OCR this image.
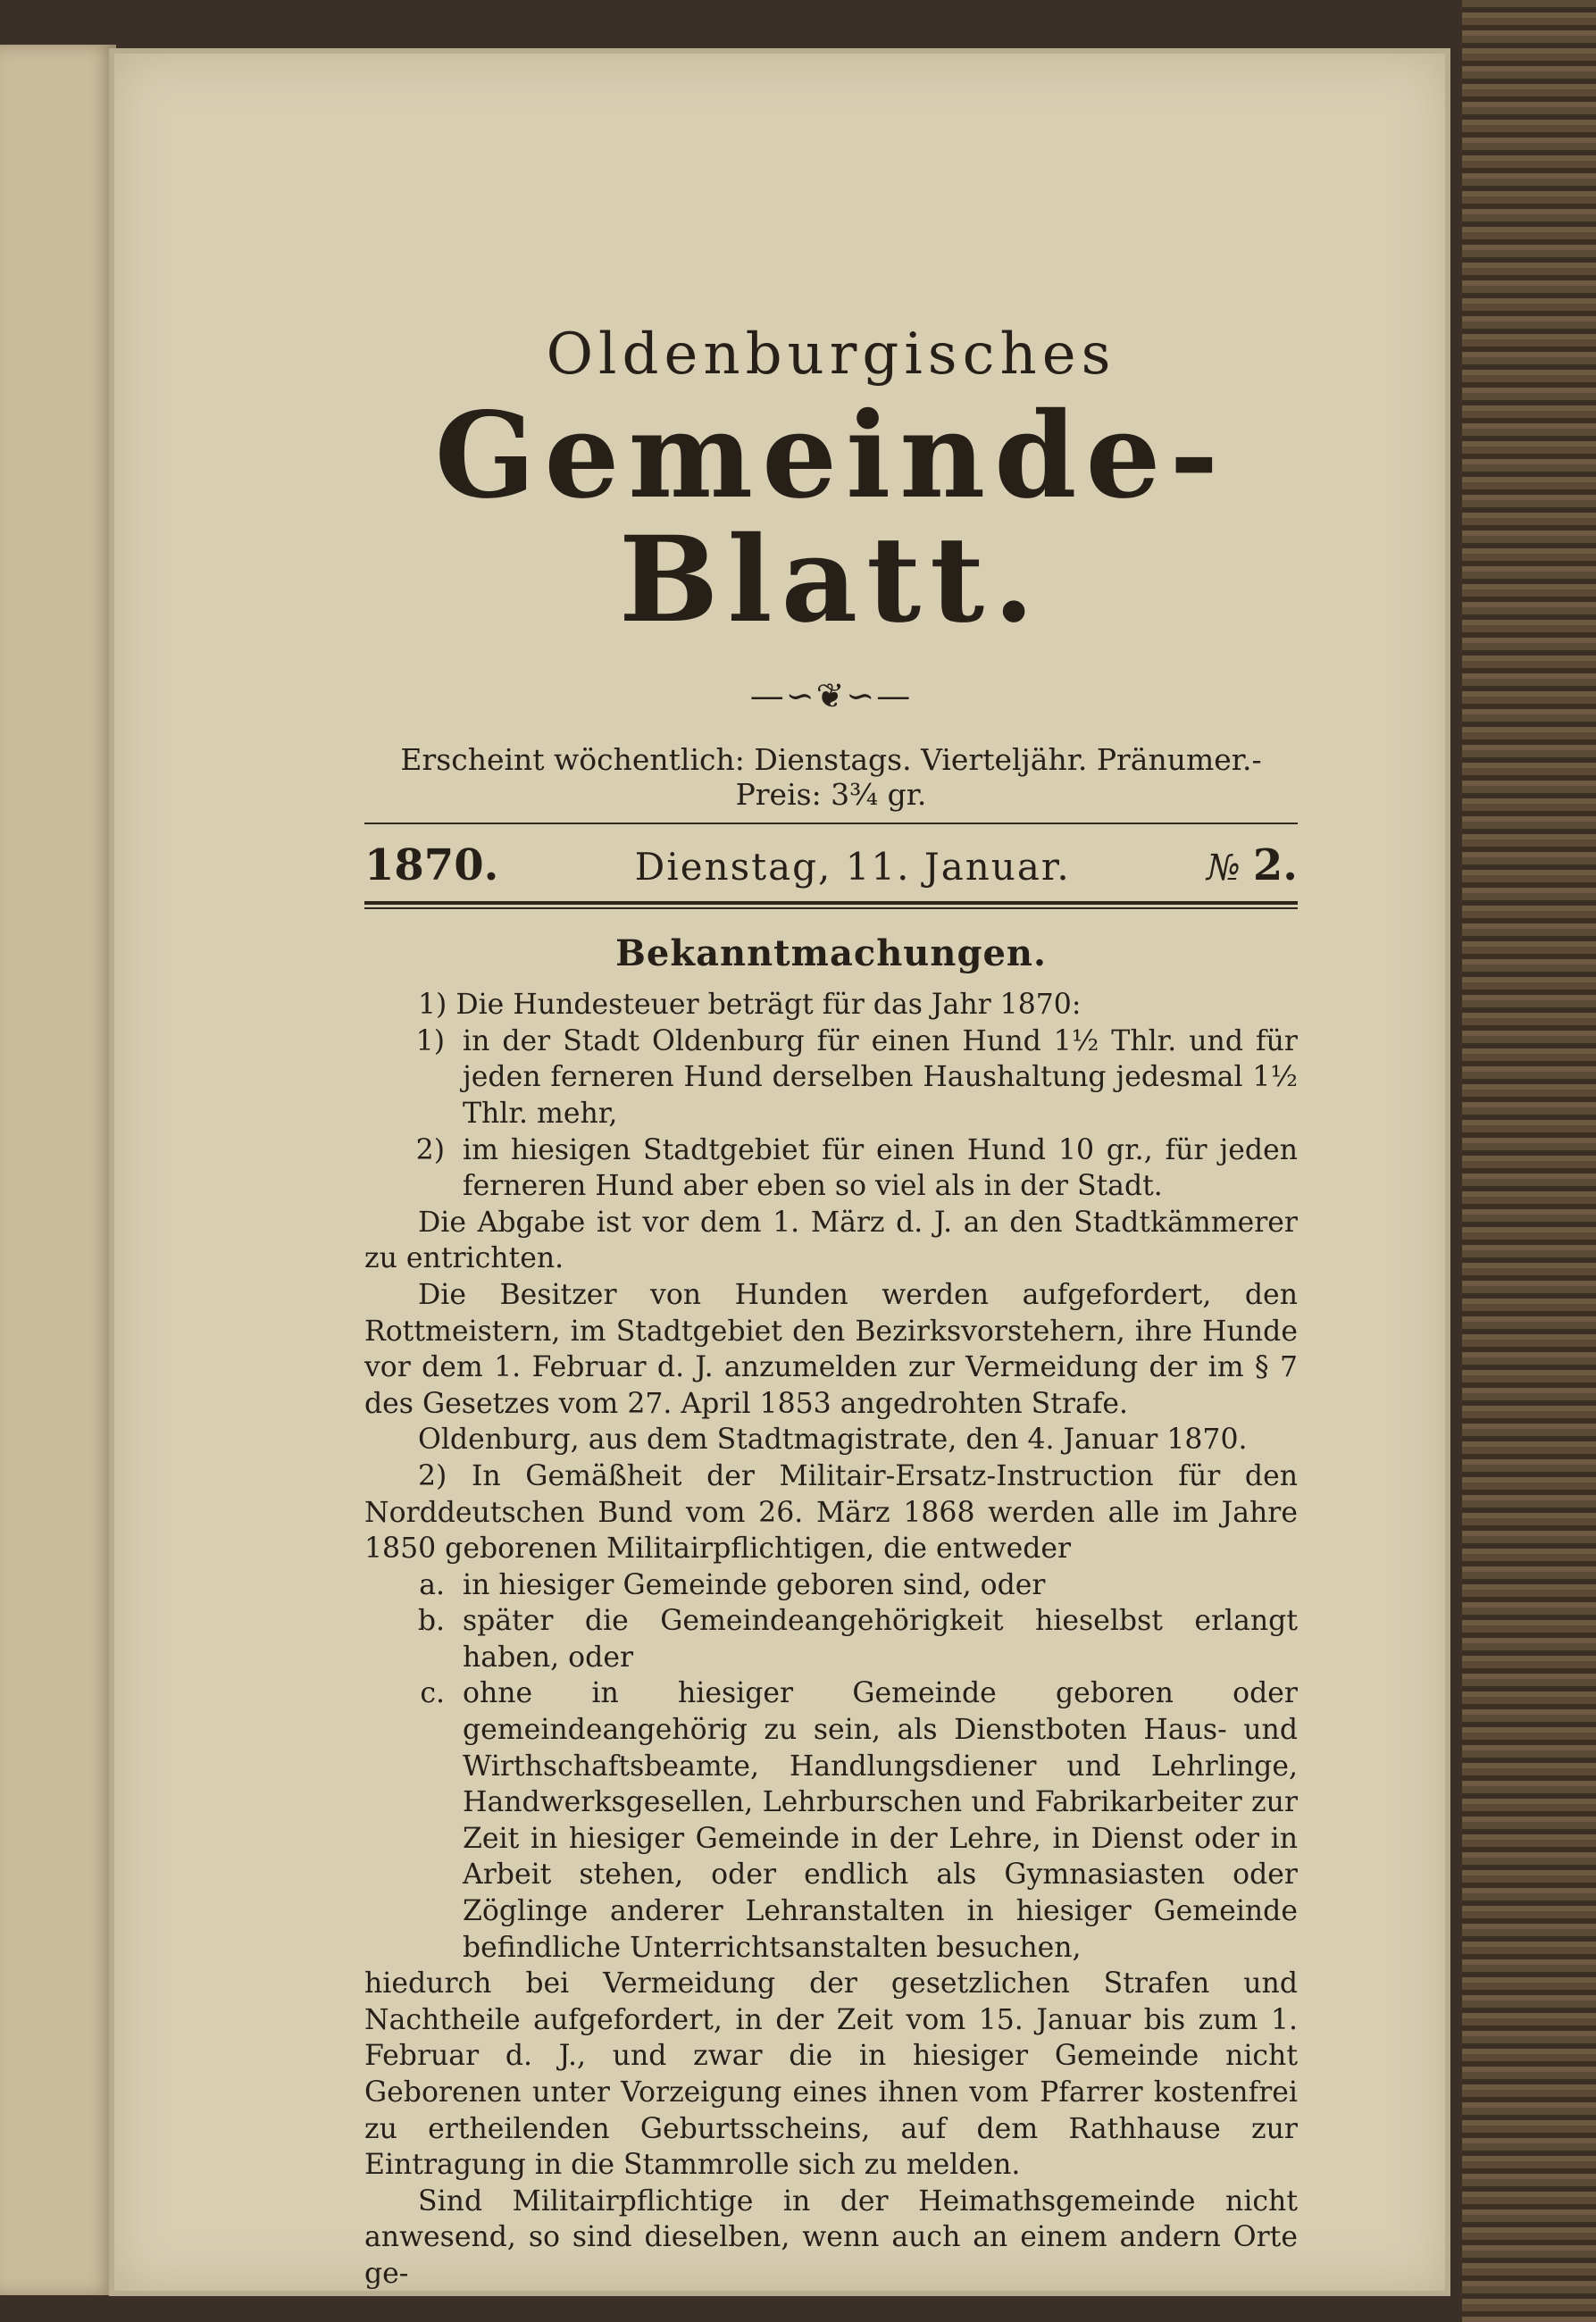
Oldenburgisches
Gemeinde-Blatt.
—∽❦∽—
Erscheint wöchentlich: Dienstags. Vierteljähr. Pränumer.-Preis: 3¾ gr.
1870.	Dienstag, 11. Januar.	№ 2.
Bekanntmachungen.

1) Die Hundesteuer beträgt für das Jahr 1870:

1) in der Stadt Oldenburg für einen Hund 1½ Thlr. und für jeden ferneren Hund derselben Haushaltung jedesmal 1½ Thlr. mehr,
2) im hiesigen Stadtgebiet für einen Hund 10 gr., für jeden ferneren Hund aber eben so viel als in der Stadt.

Die Abgabe ist vor dem 1. März d. J. an den Stadtkämmerer zu entrichten.

Die Besitzer von Hunden werden aufgefordert, den Rottmeistern, im Stadtgebiet den Bezirksvorstehern, ihre Hunde vor dem 1. Februar d. J. anzumelden zur Vermeidung der im § 7 des Gesetzes vom 27. April 1853 angedrohten Strafe.

Oldenburg, aus dem Stadtmagistrate, den 4. Januar 1870.

2) In Gemäßheit der Militair-Ersatz-Instruction für den Norddeutschen Bund vom 26. März 1868 werden alle im Jahre 1850 geborenen Militairpflichtigen, die entweder

a. in hiesiger Gemeinde geboren sind, oder
b. später die Gemeindeangehörigkeit hieselbst erlangt haben, oder
c. ohne in hiesiger Gemeinde geboren oder gemeindeangehörig zu sein, als Dienstboten Haus- und Wirthschaftsbeamte, Handlungsdiener und Lehrlinge, Handwerksgesellen, Lehrburschen und Fabrikarbeiter zur Zeit in hiesiger Gemeinde in der Lehre, in Dienst oder in Arbeit stehen, oder endlich als Gymnasiasten oder Zöglinge anderer Lehranstalten in hiesiger Gemeinde befindliche Unterrichtsanstalten besuchen,

hiedurch bei Vermeidung der gesetzlichen Strafen und Nachtheile aufgefordert, in der Zeit vom 15. Januar bis zum 1. Februar d. J., und zwar die in hiesiger Gemeinde nicht Geborenen unter Vorzeigung eines ihnen vom Pfarrer kostenfrei zu ertheilenden Geburtsscheins, auf dem Rathhause zur Eintragung in die Stammrolle sich zu melden.

Sind Militairpflichtige in der Heimathsgemeinde nicht anwesend, so sind dieselben, wenn auch an einem andern Orte ge-
